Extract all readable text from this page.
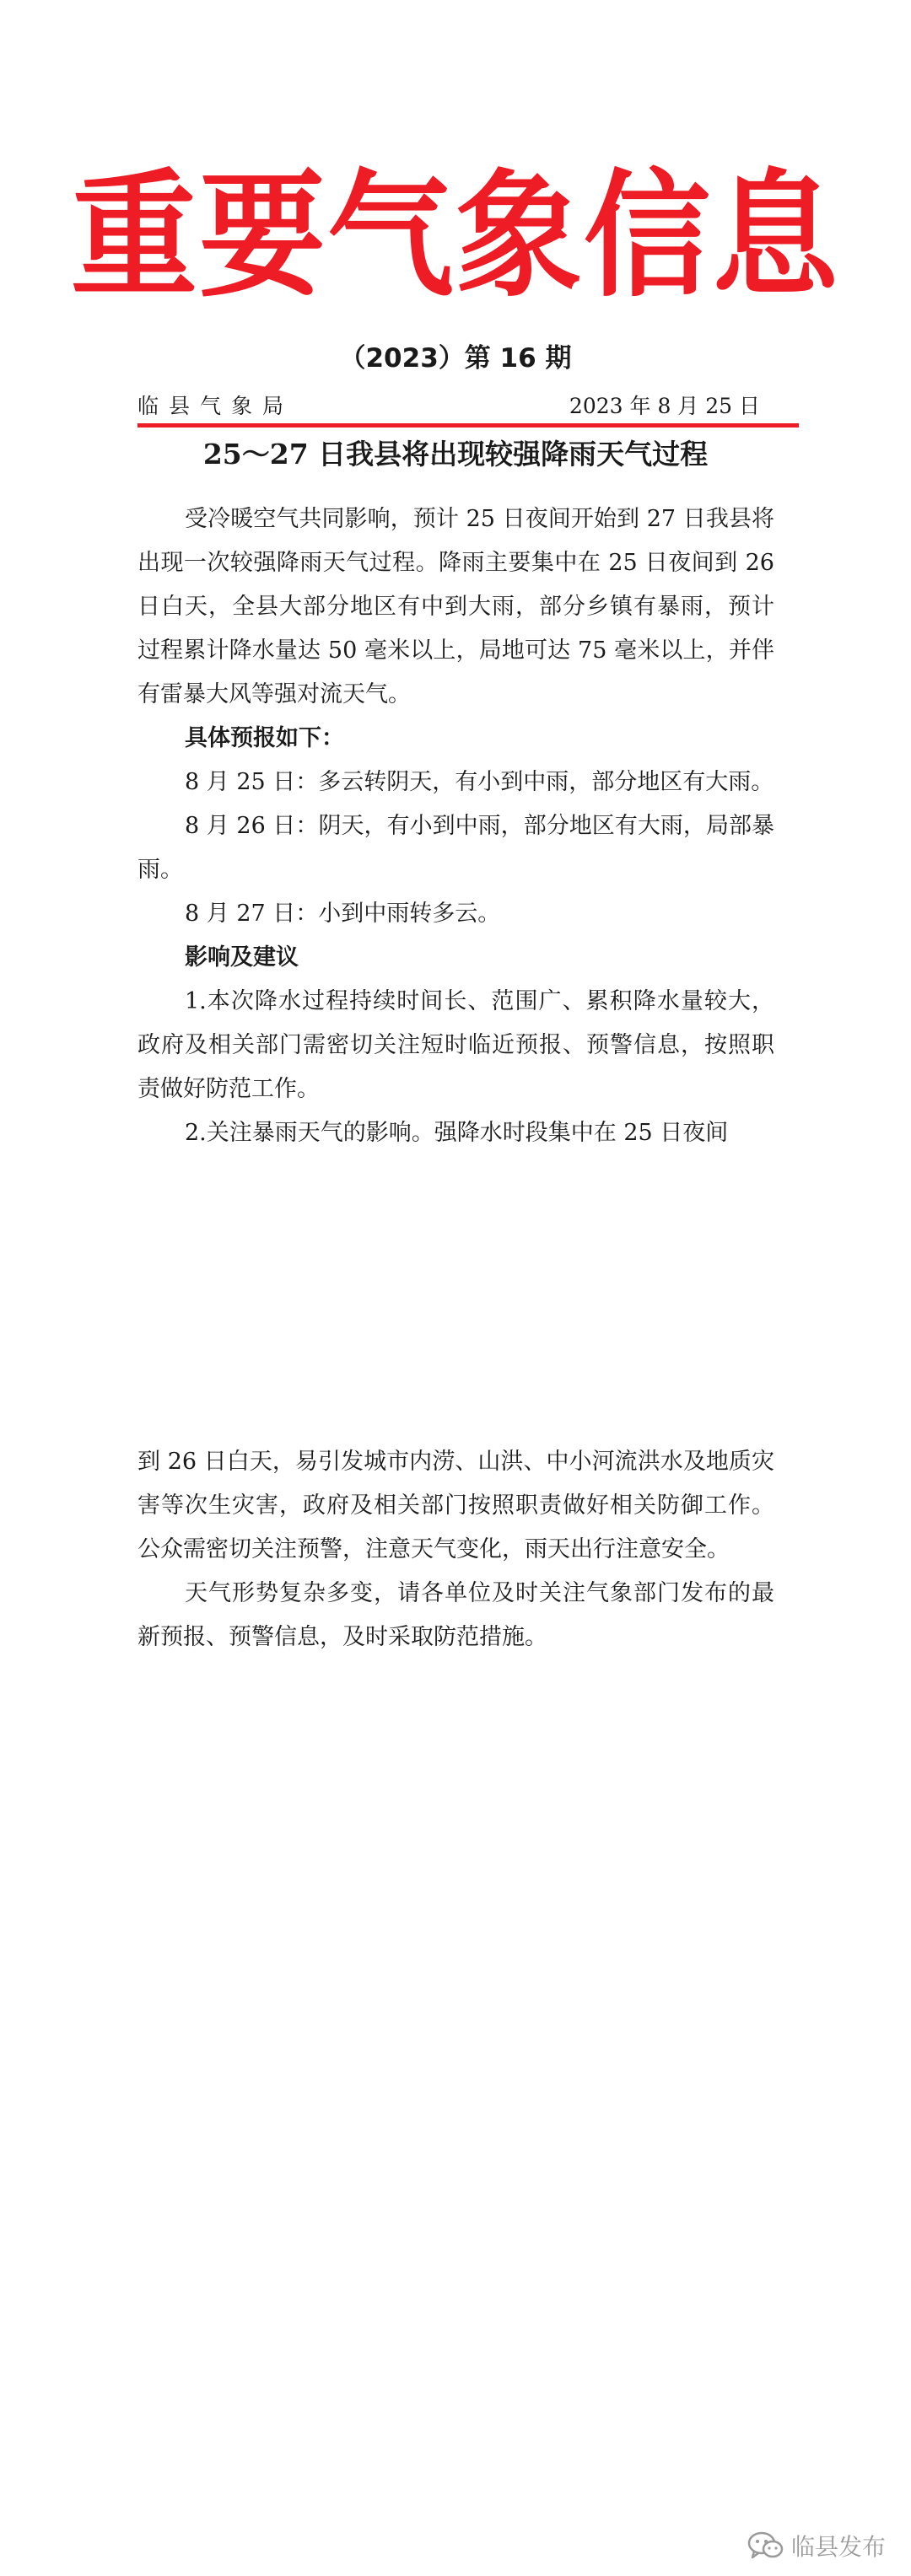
重要气象信息
（2023）第 16 期
临县气象局	2023 年 8 月 25 日
25～27 日我县将出现较强降雨天气过程

受冷暖空气共同影响，预计 25 日夜间开始到 27 日我县将出现一次较强降雨天气过程。降雨主要集中在 25 日夜间到 26 日白天，全县大部分地区有中到大雨，部分乡镇有暴雨，预计过程累计降水量达 50 毫米以上，局地可达 75 毫米以上，并伴有雷暴大风等强对流天气。

具体预报如下：

8 月 25 日：多云转阴天，有小到中雨，部分地区有大雨。

8 月 26 日：阴天，有小到中雨，部分地区有大雨，局部暴雨。

8 月 27 日：小到中雨转多云。

影响及建议

1.本次降水过程持续时间长、范围广、累积降水量较大，政府及相关部门需密切关注短时临近预报、预警信息，按照职责做好防范工作。

2.关注暴雨天气的影响。强降水时段集中在 25 日夜间

到 26 日白天，易引发城市内涝、山洪、中小河流洪水及地质灾害等次生灾害，政府及相关部门按照职责做好相关防御工作。公众需密切关注预警，注意天气变化，雨天出行注意安全。

天气形势复杂多变，请各单位及时关注气象部门发布的最新预报、预警信息，及时采取防范措施。

临县发布
